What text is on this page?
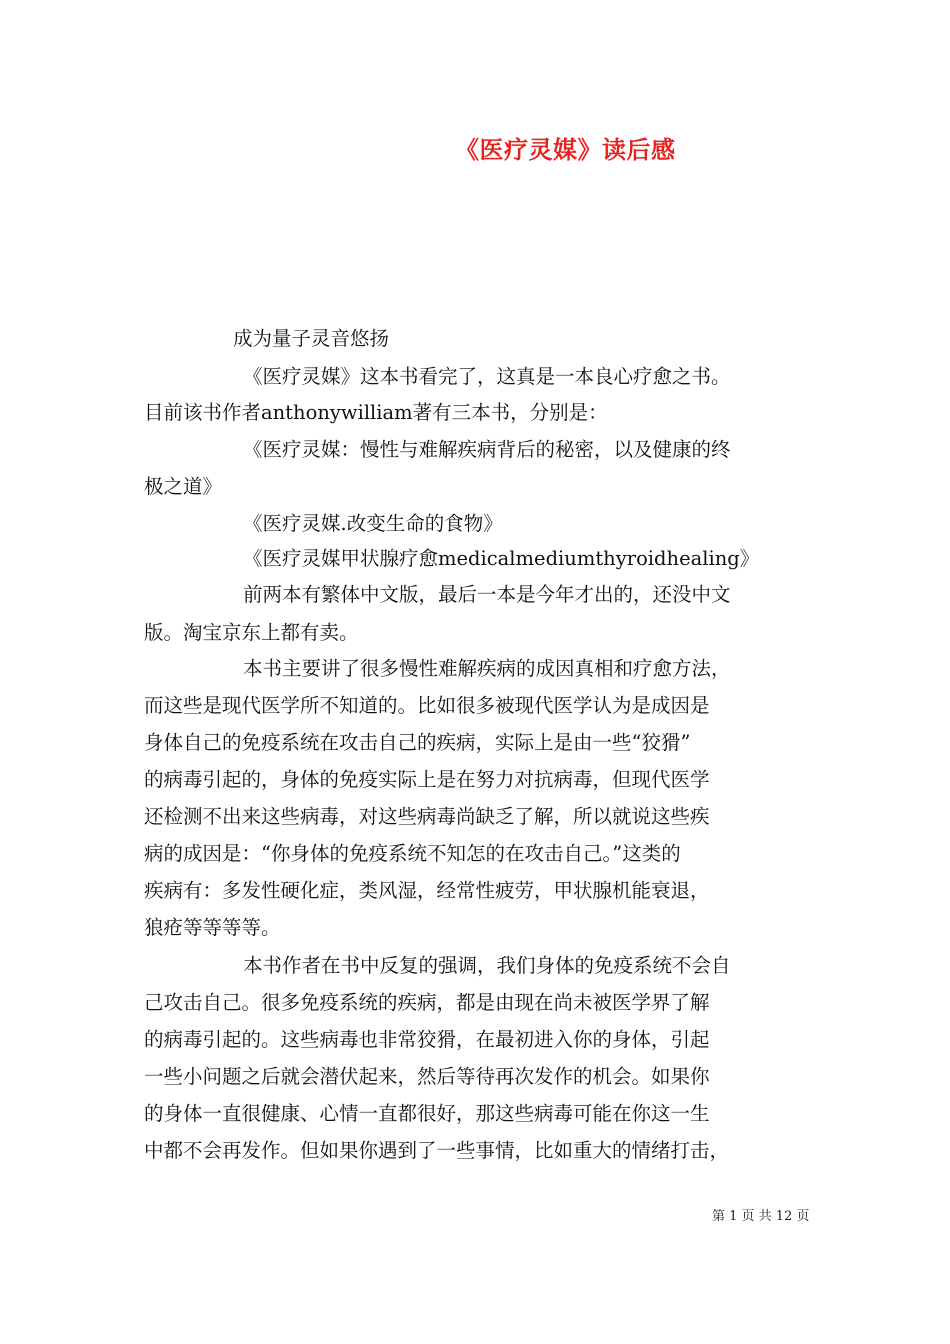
《医疗灵媒》读后感
成为量子灵音悠扬
《医疗灵媒》这本书看完了，这真是一本良心疗愈之书。
目前该书作者anthonywilliam著有三本书，分别是：
《医疗灵媒：慢性与难解疾病背后的秘密，以及健康的终
极之道》
《医疗灵媒.改变生命的食物》
《医疗灵媒甲状腺疗愈medicalmediumthyroidhealing》
前两本有繁体中文版，最后一本是今年才出的，还没中文
版。淘宝京东上都有卖。
本书主要讲了很多慢性难解疾病的成因真相和疗愈方法，
而这些是现代医学所不知道的。比如很多被现代医学认为是成因是
身体自己的免疫系统在攻击自己的疾病，实际上是由一些“狡猾”
的病毒引起的，身体的免疫实际上是在努力对抗病毒，但现代医学
还检测不出来这些病毒，对这些病毒尚缺乏了解，所以就说这些疾
病的成因是：“你身体的免疫系统不知怎的在攻击自己。”这类的
疾病有：多发性硬化症，类风湿，经常性疲劳，甲状腺机能衰退，
狼疮等等等等。
本书作者在书中反复的强调，我们身体的免疫系统不会自
己攻击自己。很多免疫系统的疾病，都是由现在尚未被医学界了解
的病毒引起的。这些病毒也非常狡猾，在最初进入你的身体，引起
一些小问题之后就会潜伏起来，然后等待再次发作的机会。如果你
的身体一直很健康、心情一直都很好，那这些病毒可能在你这一生
中都不会再发作。但如果你遇到了一些事情，比如重大的情绪打击，
第 1 页 共 12 页
